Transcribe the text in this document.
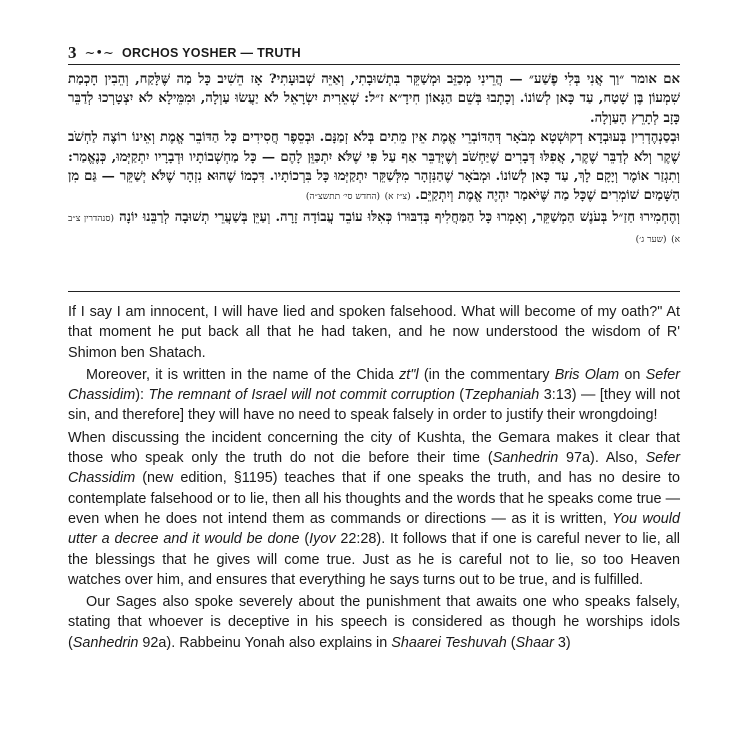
3 ~•~ ORCHOS YOSHER — TRUTH

אם אומר ״וַך אֲנִי בְּלִי פֶשַׁע״ — הֲרֵינִי מְכַזֵּב וּמְשַׁקֵּר בִּתְשׁוּבָתִי, וְאַיֵּה שְׁבוּעָתִי? אָז הֵשִׁיב כָּל מַה שֶּׁלָּקַח, וְהֵבִין חָכְמַת שִׁמְעוֹן בֶּן שָׁטַח, עַד כָּאן לְשׁוֹנוֹ. וְכָתְבוּ בְּשֵׁם הַגָּאוֹן חִידָ״א ז״ל: שְׁאֵרִית יִשְׂרָאֵל לֹא יַעֲשׂוּ עַוְלָה, וּמִמֵּילָא לֹא יִצְטָרְכוּ לְדַבֵּר כָּזָב לְתָרֵץ הָעַוְלָה.

וּבְסַנְהֶדְרִין בְּעוּבְדָא דְקוּשְׁטָא מְבֹאָר דְּהַדּוֹבְרֵי אֱמֶת אֵין מֵתִים בְּלֹא זְמַנָּם. וּבְסֵפֶר חֲסִידִים כָּל הַדּוֹבֵר אֱמֶת וְאֵינוֹ רוֹצֶה לַחְשֹׁב שֶׁקֶר וְלֹא לְדַבֵּר שֶׁקֶר, אֲפִלּוּ דְּבָרִים שֶׁיַּחְשֹׁב וְשֶׁיְּדַבֵּר אַף עַל פִּי שֶׁלֹּא יִתְכַּוֵּן לָהֶם — כָּל מַחְשְׁבוֹתָיו וּדְבָרָיו יִתְקַיְּמוּ, כְּנֶאֱמַר: וְתִגְזַר אוֹמֶר וְיָקָם לָךְ, עַד כָּאן לְשׁוֹנוֹ. וּמְבֹאָר שֶׁהַנִּזְהָר מִלְּשַׁקֵּר יִתְקַיְּמוּ כָּל בִּרְכוֹתָיו. דִּכְמוֹ שֶׁהוּא נִזְהָר שֶׁלֹּא יְשַׁקֵּר — גַּם מִן הַשָּׁמַיִם שׁוֹמְרִים שֶׁכָּל מַה שֶּׁיֹּאמַר יִהְיֶה אֱמֶת וְיִתְקַיֵּם. (צ״ז א) (החדש סי׳ תתשצ״ה)

וְהֶחְמִירוּ חַזַ״ל בְּעֹנֶשׁ הַמְשַׁקֵּר, וְאָמְרוּ כָּל הַמַּחֲלִיף בְּדִבּוּרוֹ כְּאִלּוּ עוֹבֵד עֲבוֹדָה זָרָה. וְעַיֵּן בְּשַׁעֲרֵי תְשׁוּבָה לְרַבֵּנוּ יוֹנָה (סנהדרין צ״ב א) (שער ג׳)

If I say I am innocent, I will have lied and spoken falsehood. What will become of my oath?" At that moment he put back all that he had taken, and he now understood the wisdom of R' Shimon ben Shatach.

Moreover, it is written in the name of the Chida zt"l (in the commentary Bris Olam on Sefer Chassidim): The remnant of Israel will not commit corruption (Tzephaniah 3:13) — [they will not sin, and therefore] they will have no need to speak falsely in order to justify their wrongdoing!

When discussing the incident concerning the city of Kushta, the Gemara makes it clear that those who speak only the truth do not die before their time (Sanhedrin 97a). Also, Sefer Chassidim (new edition, §1195) teaches that if one speaks the truth, and has no desire to contemplate falsehood or to lie, then all his thoughts and the words that he speaks come true — even when he does not intend them as commands or directions — as it is written, You would utter a decree and it would be done (Iyov 22:28). It follows that if one is careful never to lie, all the blessings that he gives will come true. Just as he is careful not to lie, so too Heaven watches over him, and ensures that everything he says turns out to be true, and is fulfilled.

Our Sages also spoke severely about the punishment that awaits one who speaks falsely, stating that whoever is deceptive in his speech is considered as though he worships idols (Sanhedrin 92a). Rabbeinu Yonah also explains in Shaarei Teshuvah (Shaar 3)
